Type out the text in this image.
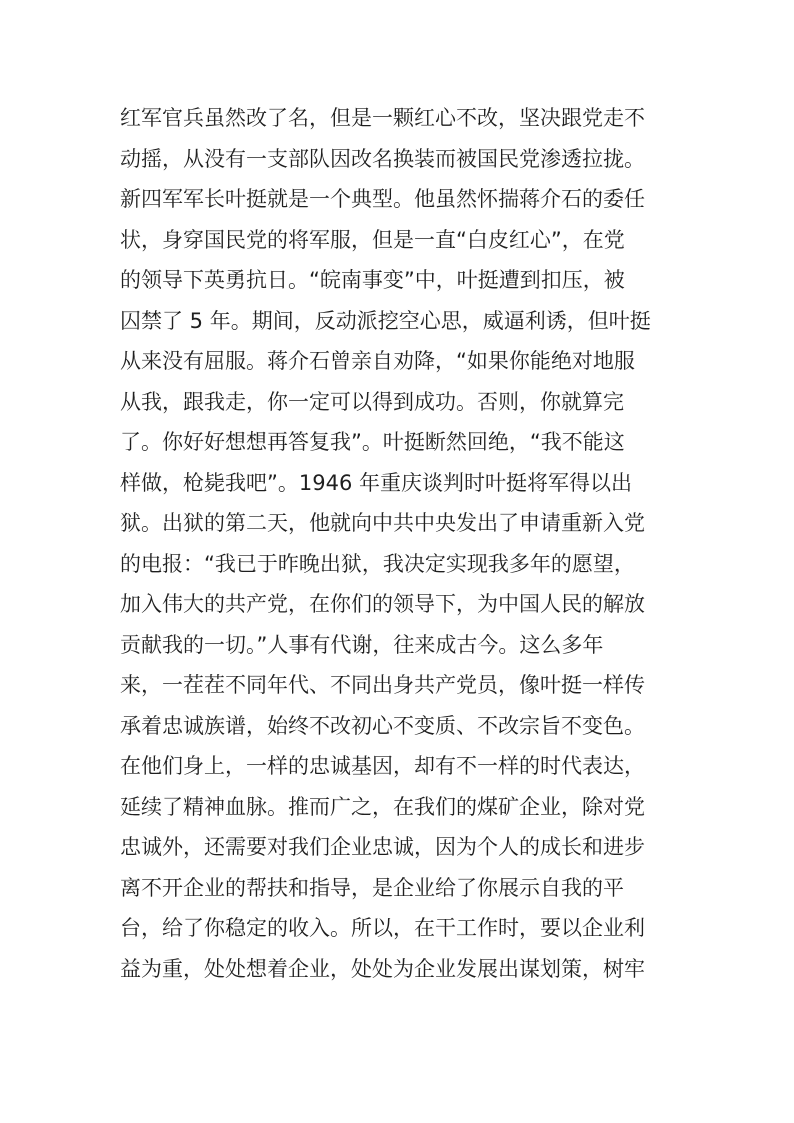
红军官兵虽然改了名，但是一颗红心不改，坚决跟党走不
动摇，从没有一支部队因改名换装而被国民党渗透拉拢。
新四军军长叶挺就是一个典型。他虽然怀揣蒋介石的委任
状，身穿国民党的将军服，但是一直“白皮红心”，在党
的领导下英勇抗日。“皖南事变”中，叶挺遭到扣压，被
囚禁了 5 年。期间，反动派挖空心思，威逼利诱，但叶挺
从来没有屈服。蒋介石曾亲自劝降，“如果你能绝对地服
从我，跟我走，你一定可以得到成功。否则，你就算完
了。你好好想想再答复我”。叶挺断然回绝，“我不能这
样做，枪毙我吧”。1946 年重庆谈判时叶挺将军得以出
狱。出狱的第二天，他就向中共中央发出了申请重新入党
的电报：“我已于昨晚出狱，我决定实现我多年的愿望，
加入伟大的共产党，在你们的领导下，为中国人民的解放
贡献我的一切。”人事有代谢，往来成古今。这么多年
来，一茬茬不同年代、不同出身共产党员，像叶挺一样传
承着忠诚族谱，始终不改初心不变质、不改宗旨不变色。
在他们身上，一样的忠诚基因，却有不一样的时代表达，
延续了精神血脉。推而广之，在我们的煤矿企业，除对党
忠诚外，还需要对我们企业忠诚，因为个人的成长和进步
离不开企业的帮扶和指导，是企业给了你展示自我的平
台，给了你稳定的收入。所以，在干工作时，要以企业利
益为重，处处想着企业，处处为企业发展出谋划策，树牢
